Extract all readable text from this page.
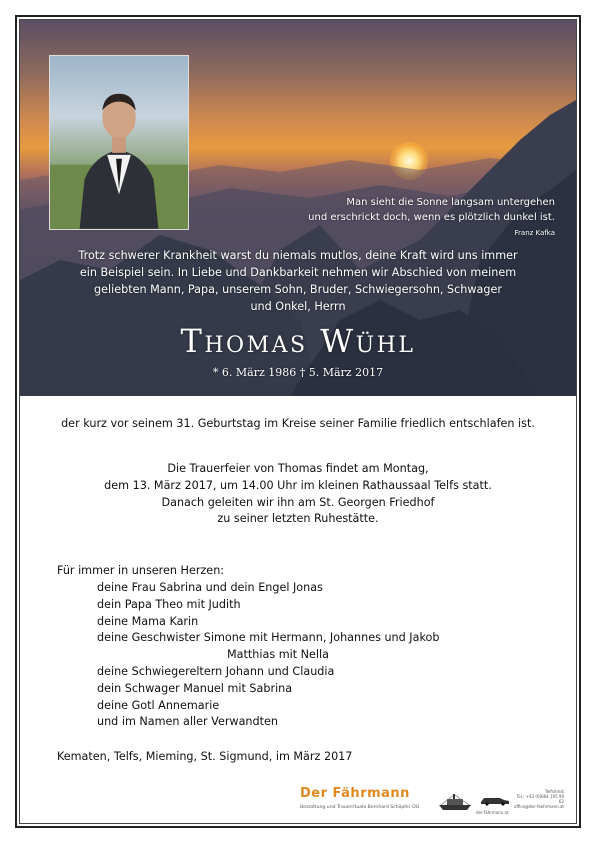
Man sieht die Sonne langsam untergehen
und erschrickt doch, wenn es plötzlich dunkel ist.
Franz Kafka
Trotz schwerer Krankheit warst du niemals mutlos, deine Kraft wird uns immer
ein Beispiel sein. In Liebe und Dankbarkeit nehmen wir Abschied von meinem
geliebten Mann, Papa, unserem Sohn, Bruder, Schwiegersohn, Schwager
und Onkel, Herrn
Thomas Wühl
* 6. März 1986 † 5. März 2017
der kurz vor seinem 31. Geburtstag im Kreise seiner Familie friedlich entschlafen ist.
Die Trauerfeier von Thomas findet am Montag,
dem 13. März 2017, um 14.00 Uhr im kleinen Rathaussaal Telfs statt.
Danach geleiten wir ihn am St. Georgen Friedhof
zu seiner letzten Ruhestätte.
Für immer in unseren Herzen:
deine Frau Sabrina und dein Engel Jonas
dein Papa Theo mit Judith
deine Mama Karin
deine Geschwister Simone mit Hermann, Johannes und Jakob
Matthias mit Nella
deine Schwiegereltern Johann und Claudia
dein Schwager Manuel mit Sabrina
deine Gotl Annemarie
und im Namen aller Verwandten
Kematen, Telfs, Mieming, St. Sigmund, im März 2017
Der Fährmann
Bestattung und Trauerrituale Bernhard Schöpfer OG
der-fährmann.at
Telfs/Imst
Tel.: +43 (0)664 195 99 62
office@der-faehrmann.at
